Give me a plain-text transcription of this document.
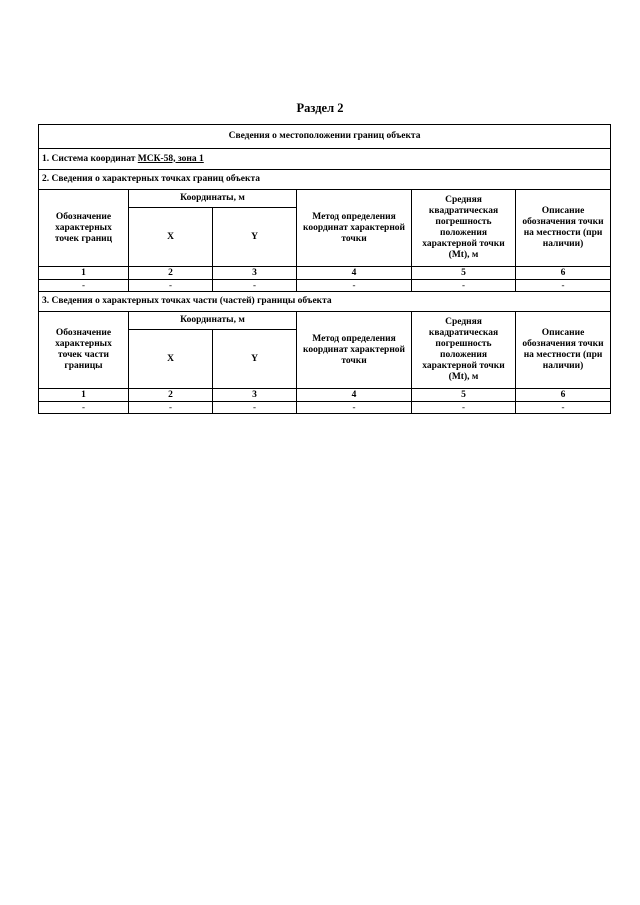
Раздел 2
Сведения о местоположении границ объекта					
1. Система координат МСК-58, зона 1					
2. Сведения о характерных точках границ объекта					
Обозначение характерных точек границ	Координаты, м		Метод определения координат характерной точки	Средняя квадратическая погрешность положения характерной точки (Mt), м	Описание обозначения точки на местности (при наличии)
	X	Y			
1	2	3	4	5	6
-	-	-	-	-	-
3. Сведения о характерных точках части (частей) границы объекта					
Обозначение характерных точек части границы	Координаты, м		Метод определения координат характерной точки	Средняя квадратическая погрешность положения характерной точки (Mt), м	Описание обозначения точки на местности (при наличии)
	X	Y			
1	2	3	4	5	6
-	-	-	-	-	-
